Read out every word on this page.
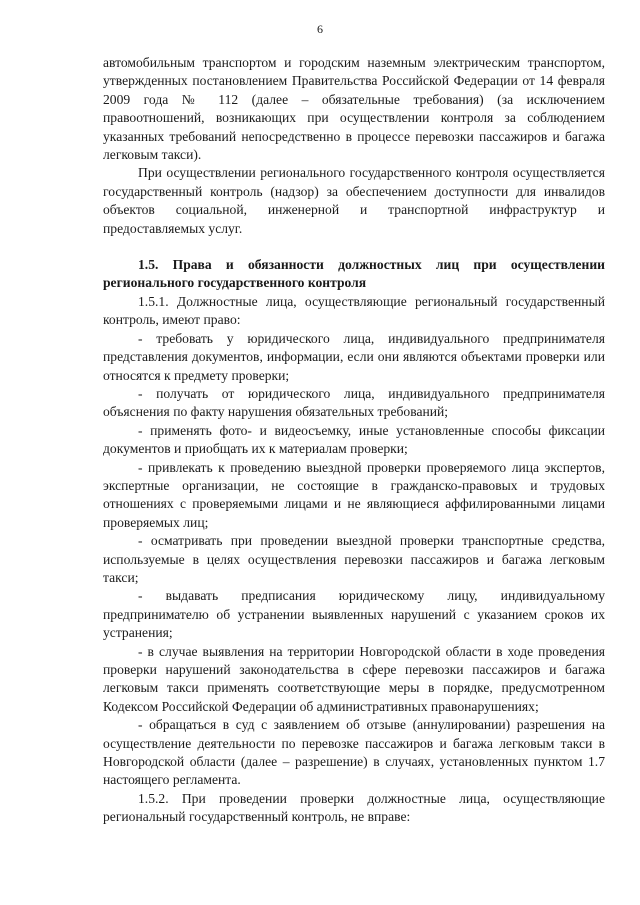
6

автомобильным транспортом и городским наземным электрическим транспортом, утвержденных постановлением Правительства Российской Федерации от 14 февраля 2009 года № 112 (далее – обязательные требования) (за исключением правоотношений, возникающих при осуществлении контроля за соблюдением указанных требований непосредственно в процессе перевозки пассажиров и багажа легковым такси).

При осуществлении регионального государственного контроля осуществляется государственный контроль (надзор) за обеспечением доступности для инвалидов объектов социальной, инженерной и транспортной инфраструктур и предоставляемых услуг.

1.5. Права и обязанности должностных лиц при осуществлении регионального государственного контроля

1.5.1. Должностные лица, осуществляющие региональный государственный контроль, имеют право:

- требовать у юридического лица, индивидуального предпринимателя представления документов, информации, если они являются объектами проверки или относятся к предмету проверки;

- получать от юридического лица, индивидуального предпринимателя объяснения по факту нарушения обязательных требований;

- применять фото- и видеосъемку, иные установленные способы фиксации документов и приобщать их к материалам проверки;

- привлекать к проведению выездной проверки проверяемого лица экспертов, экспертные организации, не состоящие в гражданско-правовых и трудовых отношениях с проверяемыми лицами и не являющиеся аффилированными лицами проверяемых лиц;

- осматривать при проведении выездной проверки транспортные средства, используемые в целях осуществления перевозки пассажиров и багажа легковым такси;

- выдавать предписания юридическому лицу, индивидуальному предпринимателю об устранении выявленных нарушений с указанием сроков их устранения;

- в случае выявления на территории Новгородской области в ходе проведения проверки нарушений законодательства в сфере перевозки пассажиров и багажа легковым такси применять соответствующие меры в порядке, предусмотренном Кодексом Российской Федерации об административных правонарушениях;

- обращаться в суд с заявлением об отзыве (аннулировании) разрешения на осуществление деятельности по перевозке пассажиров и багажа легковым такси в Новгородской области (далее – разрешение) в случаях, установленных пунктом 1.7 настоящего регламента.

1.5.2. При проведении проверки должностные лица, осуществляющие региональный государственный контроль, не вправе:
